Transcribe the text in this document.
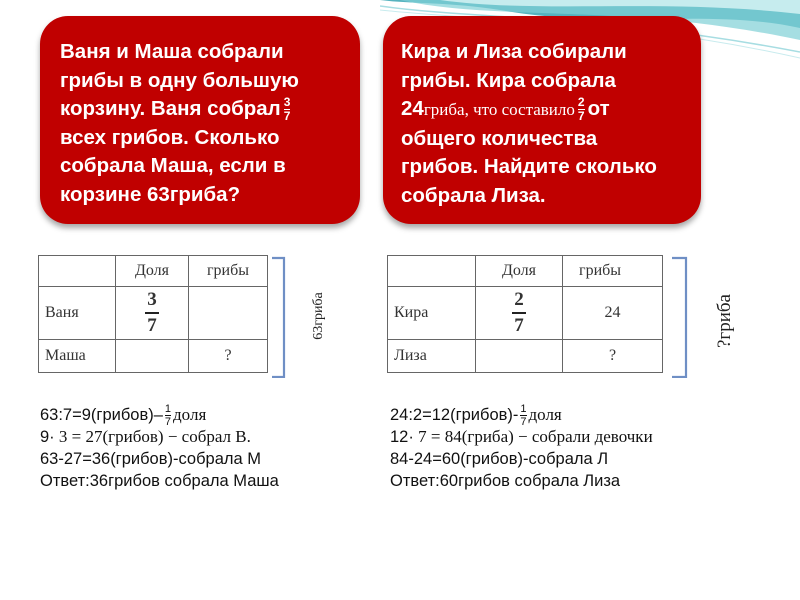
Ваня и Маша собрали
грибы в одну большую
корзину. Ваня собрал $\frac{3}{7}$
всех грибов. Сколько
собрала Маша, если в
корзине 63гриба?
Кира и Лиза собирали
грибы. Кира собрала
24гриба, что составило $\frac{2}{7}$ от
общего количества
грибов. Найдите сколько
собрала Лиза.
	Доля	грибы
Ваня	$\frac{3}{7}$	
Маша		?
63гриба
	Доля	грибы
Кира	$\frac{2}{7}$	24
Лиза		?
?гриба
63:7=9(грибов)– $\frac{1}{7}$ доля
9· 3 = 27(грибов) − собрал В.
63-27=36(грибов)-собрала М
Ответ:36грибов собрала Маша
24:2=12(грибов)- $\frac{1}{7}$ доля
12· 7 = 84(гриба) − собрали девочки
84-24=60(грибов)-собрала Л
Ответ:60грибов собрала Лиза
